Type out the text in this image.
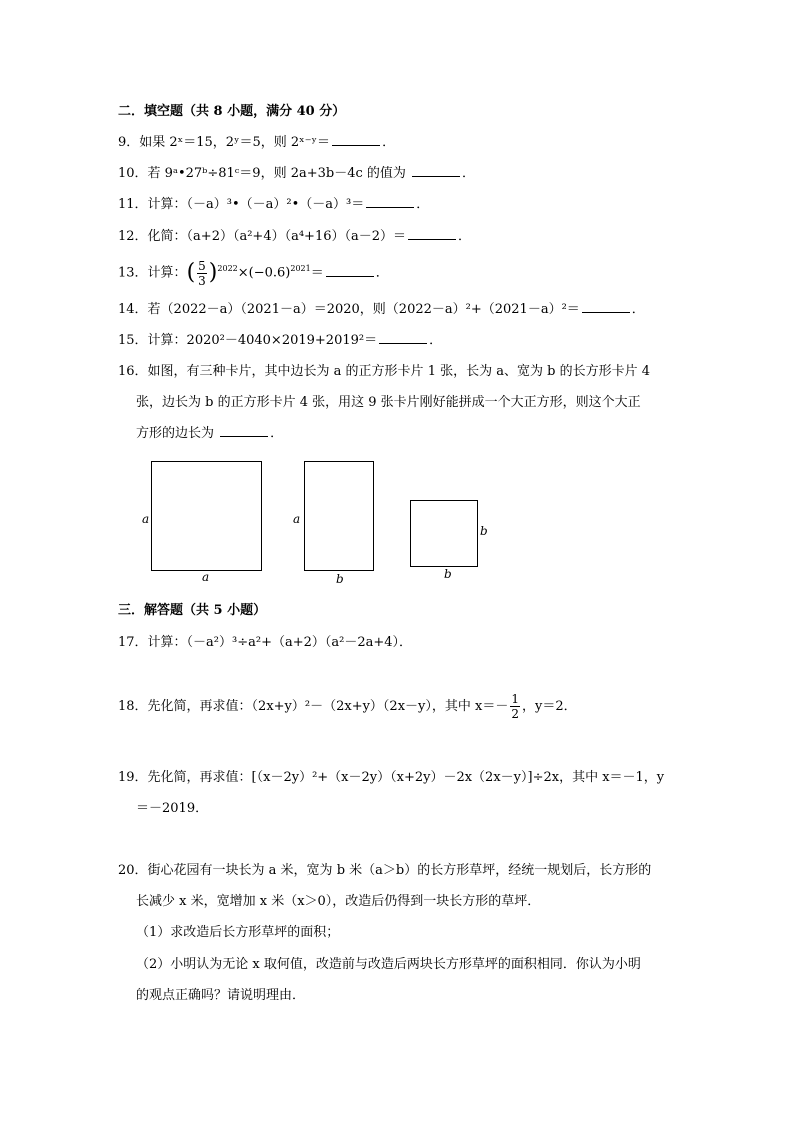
二．填空题（共 8 小题，满分 40 分）
9．如果 2ˣ＝15，2ʸ＝5，则 2ˣ⁻ʸ＝	．
10．若 9ᵃ•27ᵇ÷81ᶜ＝9，则 2a+3b－4c 的值为	．
11．计算：（－a）³•（－a）²•（－a）³＝	．
12．化简：（a+2）（a²+4）（a⁴+16）（a－2）＝	．
13．计算：( $\frac{5}{3} )^{2022}\times(-0.6)^{2021}=$	．
14．若（2022－a）（2021－a）＝2020，则（2022－a）²+（2021－a）²＝	．
15．计算：2020²－4040×2019+2019²＝	．
16．如图，有三种卡片，其中边长为 a 的正方形卡片 1 张，长为 a、宽为 b 的长方形卡片 4
张，边长为 b 的正方形卡片 4 张，用这 9 张卡片刚好能拼成一个大正方形，则这个大正
方形的边长为	．
a
a
a
b
b
b
三．解答题（共 5 小题）
17．计算：（－a²）³÷a²+（a+2）（a²－2a+4）．
18．先化简，再求值：（2x+y）²－（2x+y）（2x－y），其中 $x=- \frac{1}{2}$ ，y＝2．
19．先化简，再求值：[（x－2y）²+（x－2y）（x+2y）－2x（2x－y）]÷2x，其中 x＝－1，y
＝－2019．
20．街心花园有一块长为 a 米，宽为 b 米（a＞b）的长方形草坪，经统一规划后，长方形的
长减少 x 米，宽增加 x 米（x＞0），改造后仍得到一块长方形的草坪．
（1）求改造后长方形草坪的面积；
（2）小明认为无论 x 取何值，改造前与改造后两块长方形草坪的面积相同．你认为小明
的观点正确吗？请说明理由．
